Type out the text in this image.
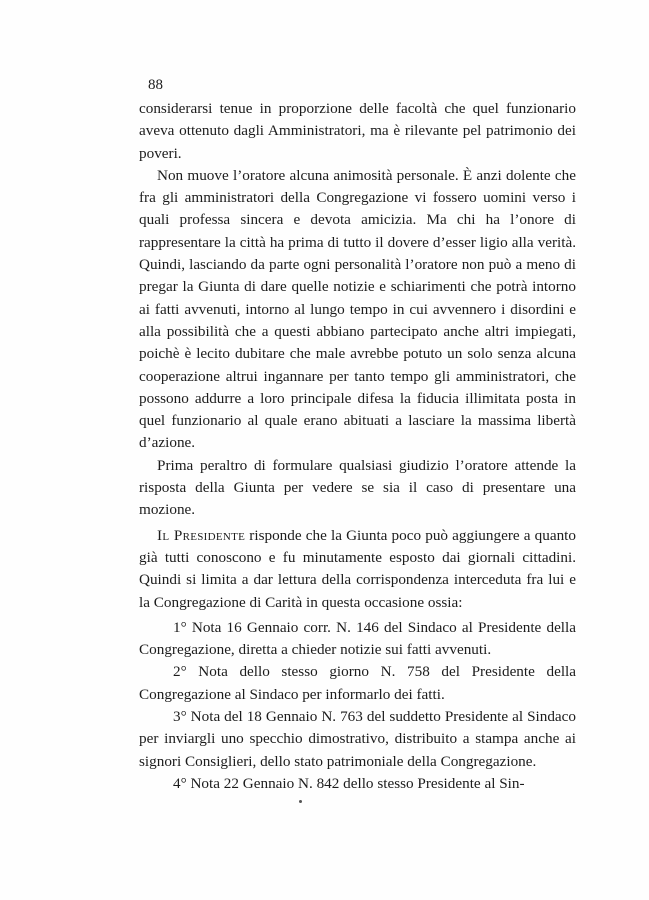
88

considerarsi tenue in proporzione delle facoltà che quel funzionario aveva ottenuto dagli Amministratori, ma è rilevante pel patrimonio dei poveri.

Non muove l’oratore alcuna animosità personale. È anzi dolente che fra gli amministratori della Congregazione vi fossero uomini verso i quali professa sincera e devota amicizia. Ma chi ha l’onore di rappresentare la città ha prima di tutto il dovere d’esser ligio alla verità. Quindi, lasciando da parte ogni personalità l’oratore non può a meno di pregar la Giunta di dare quelle notizie e schiarimenti che potrà intorno ai fatti avvenuti, intorno al lungo tempo in cui avvennero i disordini e alla possibilità che a questi abbiano partecipato anche altri impiegati, poichè è lecito dubitare che male avrebbe potuto un solo senza alcuna cooperazione altrui ingannare per tanto tempo gli amministratori, che possono addurre a loro principale difesa la fiducia illimitata posta in quel funzionario al quale erano abituati a lasciare la massima libertà d’azione.

Prima peraltro di formulare qualsiasi giudizio l’oratore attende la risposta della Giunta per vedere se sia il caso di presentare una mozione.

Il Presidente risponde che la Giunta poco può aggiungere a quanto già tutti conoscono e fu minutamente esposto dai giornali cittadini. Quindi si limita a dar lettura della corrispondenza interceduta fra lui e la Congregazione di Carità in questa occasione ossia:

1° Nota 16 Gennaio corr. N. 146 del Sindaco al Presidente della Congregazione, diretta a chieder notizie sui fatti avvenuti.

2° Nota dello stesso giorno N. 758 del Presidente della Congregazione al Sindaco per informarlo dei fatti.

3° Nota del 18 Gennaio N. 763 del suddetto Presidente al Sindaco per inviargli uno specchio dimostrativo, distribuito a stampa anche ai signori Consiglieri, dello stato patrimoniale della Congregazione.

4° Nota 22 Gennaio N. 842 dello stesso Presidente al Sin-
